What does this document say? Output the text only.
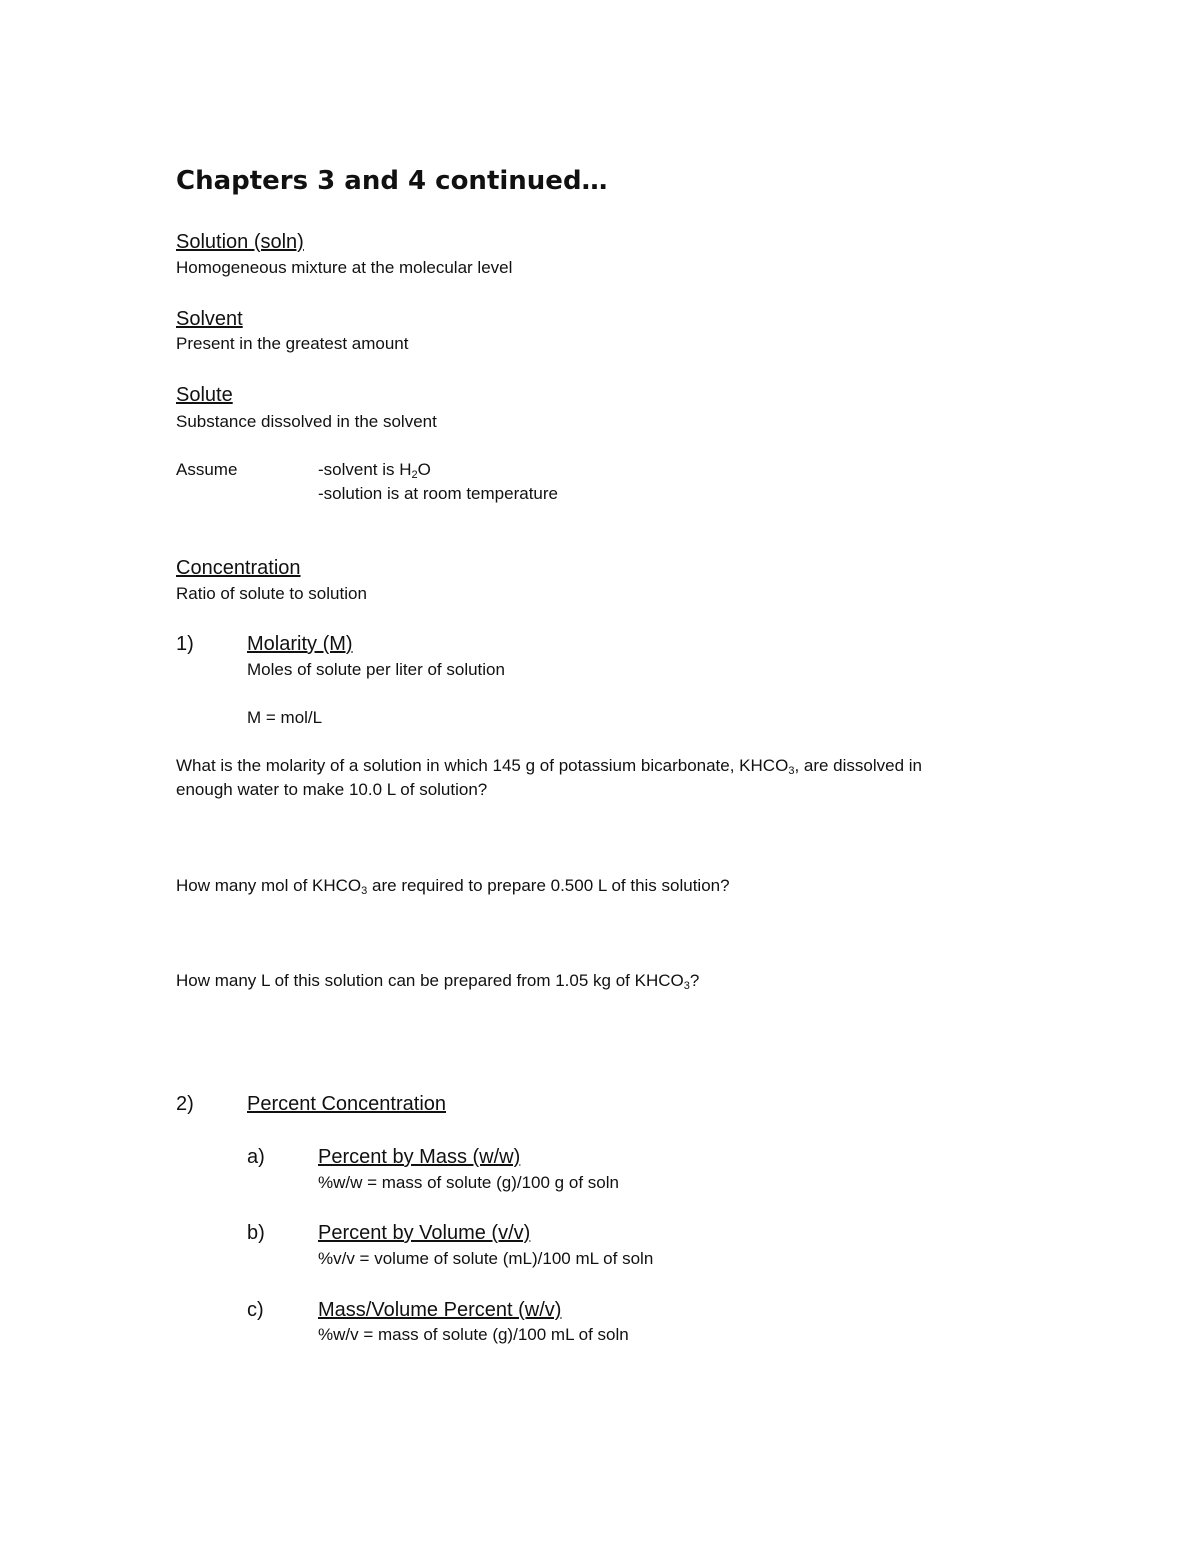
Chapters 3 and 4 continued…
Solution (soln)
Homogeneous mixture at the molecular level
Solvent
Present in the greatest amount
Solute
Substance dissolved in the solvent
Assume	-solvent is $H_2O$
-solution is at room temperature
Concentration
Ratio of solute to solution
1)	Molarity (M)
Moles of solute per liter of solution
M = mol/L
What is the molarity of a solution in which 145 g of potassium bicarbonate, $KHCO_3$, are dissolved in
enough water to make 10.0 L of solution?
How many mol of $KHCO_3$ are required to prepare 0.500 L of this solution?
How many L of this solution can be prepared from 1.05 kg of $KHCO_3$?
2)	Percent Concentration
a)	Percent by Mass (w/w)
%w/w = mass of solute (g)/100 g of soln
b)	Percent by Volume (v/v)
%v/v = volume of solute (mL)/100 mL of soln
c)	Mass/Volume Percent (w/v)
%w/v = mass of solute (g)/100 mL of soln
